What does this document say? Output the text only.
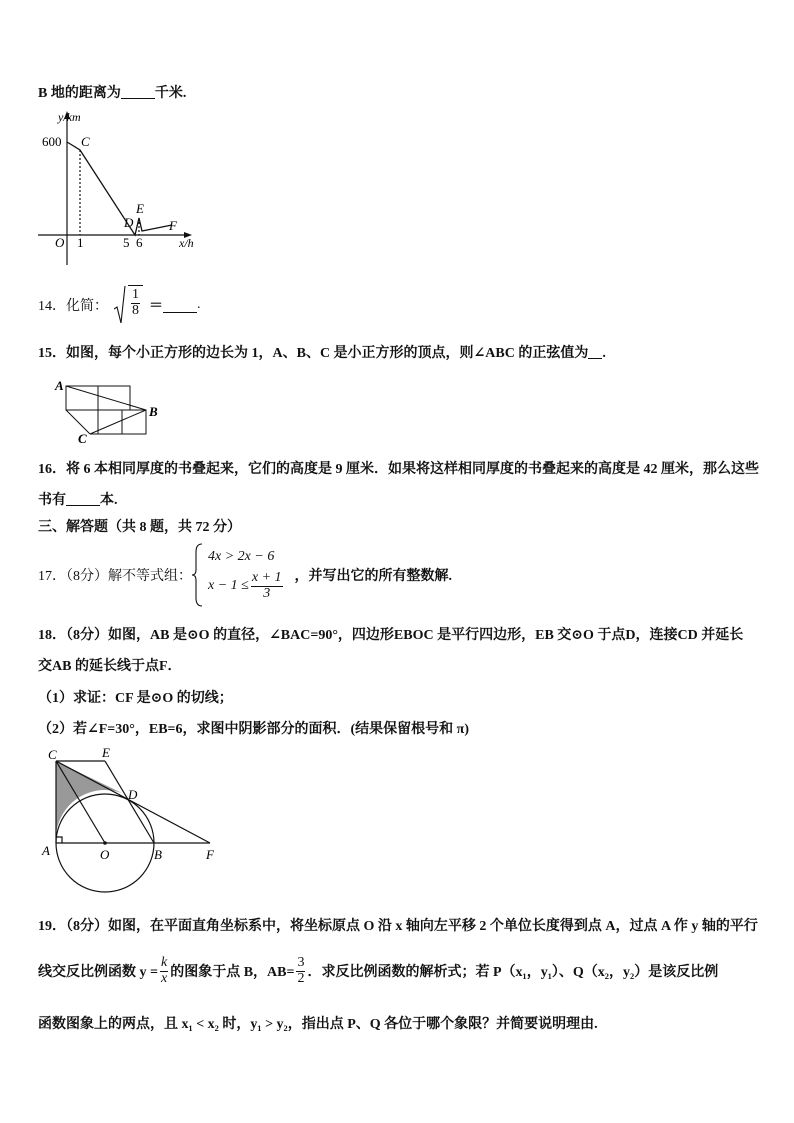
B 地的距离为 千米.
y/km
600 C
D
E
F
O 1	5 6	x/h
14．化简： $\frac{1}{8}$ ＝ .
15．如图，每个小正方形的边长为 1，A、B、C 是小正方形的顶点，则∠ABC 的正弦值为 .
A
B
C
16．将 6 本相同厚度的书叠起来，它们的高度是 9 厘米．如果将这样相同厚度的书叠起来的高度是 42 厘米，那么这些
书有 本.
三、解答题（共 8 题，共 72 分）
17．（8分）解不等式组：
4x > 2x − 6
$x - 1 \le \frac{x + 1}{3}$ ，并写出它的所有整数解.
18．（8分）如图，AB 是⊙O 的直径，∠BAC=90°，四边形EBOC 是平行四边形，EB 交⊙O 于点D，连接CD 并延长
交AB 的延长线于点F．
（1）求证：CF 是⊙O 的切线；
（2）若∠F=30°，EB=6，求图中阴影部分的面积．(结果保留根号和 π)
C	E
D
A	O	B	F
19．（8分）如图，在平面直角坐标系中，将坐标原点 O 沿 x 轴向左平移 2 个单位长度得到点 A，过点 A 作 y 轴的平行
线交反比例函数 $y = \frac{k}{x}$ 的图象于点 B，$AB= \frac{3}{2}$ ．求反比例函数的解析式；若 P（x₁，y₁）、Q（x₂，y₂）是该反比例
函数图象上的两点，且 x₁ < x₂ 时，y₁ > y₂，指出点 P、Q 各位于哪个象限？并简要说明理由.
